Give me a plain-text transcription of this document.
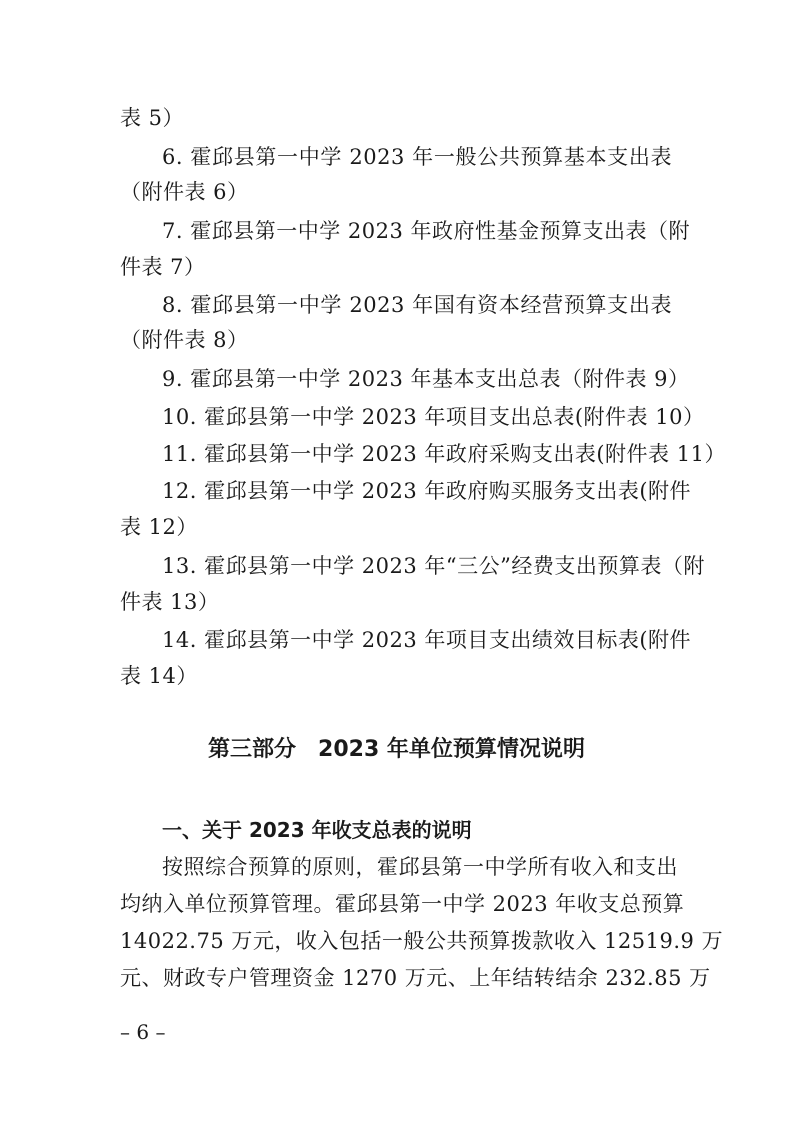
表 5）
6. 霍邱县第一中学 2023 年一般公共预算基本支出表
（附件表 6）
7. 霍邱县第一中学 2023 年政府性基金预算支出表（附
件表 7）
8. 霍邱县第一中学 2023 年国有资本经营预算支出表
（附件表 8）
9. 霍邱县第一中学 2023 年基本支出总表（附件表 9）
10. 霍邱县第一中学 2023 年项目支出总表(附件表 10）
11. 霍邱县第一中学 2023 年政府采购支出表(附件表 11）
12. 霍邱县第一中学 2023 年政府购买服务支出表(附件
表 12）
13. 霍邱县第一中学 2023 年“三公”经费支出预算表（附
件表 13）
14. 霍邱县第一中学 2023 年项目支出绩效目标表(附件
表 14）
第三部分　2023 年单位预算情况说明
一、关于 2023 年收支总表的说明
按照综合预算的原则，霍邱县第一中学所有收入和支出
均纳入单位预算管理。霍邱县第一中学 2023 年收支总预算
14022.75 万元，收入包括一般公共预算拨款收入 12519.9 万
元、财政专户管理资金 1270 万元、上年结转结余 232.85 万
– 6 –
